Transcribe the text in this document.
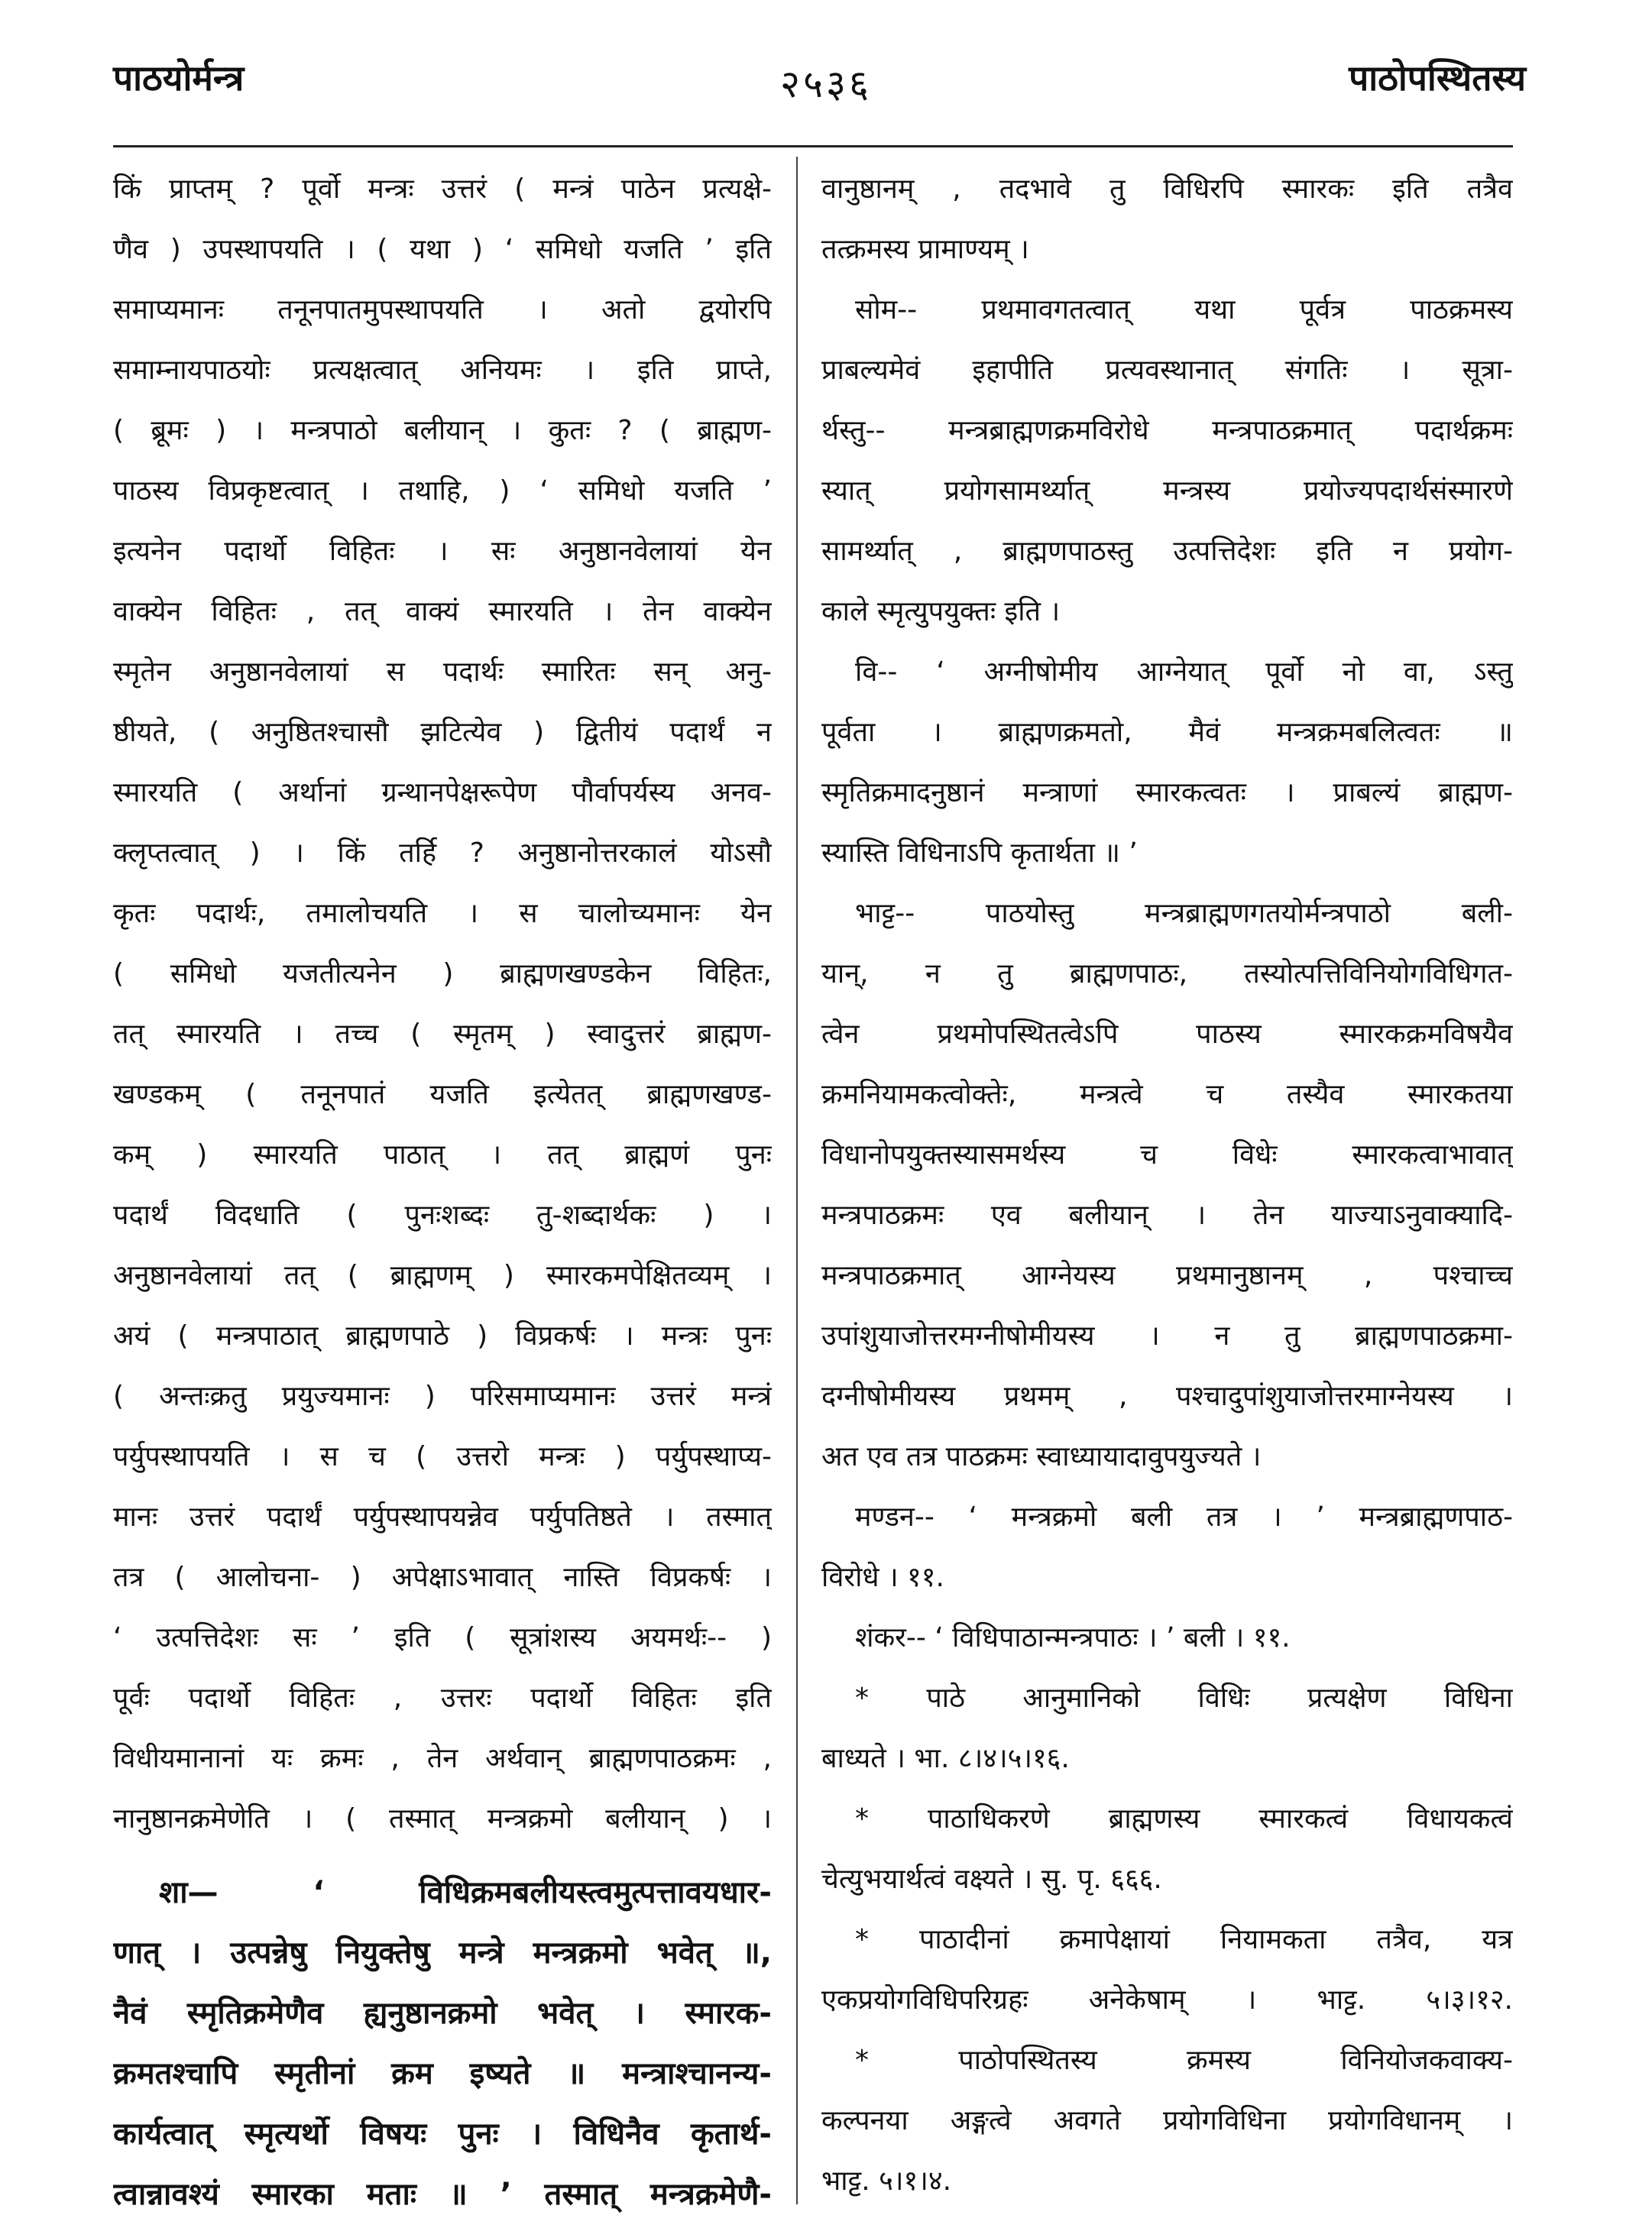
पाठयोर्मन्त्र	२५३६	पाठोपस्थितस्य
किं प्राप्तम् ? पूर्वो मन्त्रः उत्तरं ( मन्त्रं पाठेन प्रत्यक्षे-
णैव ) उपस्थापयति । ( यथा ) ‘ समिधो यजति ’ इति
समाप्यमानः तनूनपातमुपस्थापयति । अतो द्वयोरपि
समाम्नायपाठयोः प्रत्यक्षत्वात् अनियमः । इति प्राप्ते,
( ब्रूमः ) । मन्त्रपाठो बलीयान् । कुतः ? ( ब्राह्मण-
पाठस्य विप्रकृष्टत्वात् । तथाहि, ) ‘ समिधो यजति ’
इत्यनेन पदार्थो विहितः । सः अनुष्ठानवेलायां येन
वाक्येन विहितः , तत् वाक्यं स्मारयति । तेन वाक्येन
स्मृतेन अनुष्ठानवेलायां स पदार्थः स्मारितः सन् अनु-
ष्ठीयते, ( अनुष्ठितश्चासौ झटित्येव ) द्वितीयं पदार्थं न
स्मारयति ( अर्थानां ग्रन्थानपेक्षरूपेण पौर्वापर्यस्य अनव-
क्लृप्तत्वात् ) । किं तर्हि ? अनुष्ठानोत्तरकालं योऽसौ
कृतः पदार्थः, तमालोचयति । स चालोच्यमानः येन
( समिधो यजतीत्यनेन ) ब्राह्मणखण्डकेन विहितः,
तत् स्मारयति । तच्च ( स्मृतम् ) स्वादुत्तरं ब्राह्मण-
खण्डकम् ( तनूनपातं यजति इत्येतत् ब्राह्मणखण्ड-
कम् ) स्मारयति पाठात् । तत् ब्राह्मणं पुनः
पदार्थं विदधाति ( पुनःशब्दः तु-शब्दार्थकः ) ।
अनुष्ठानवेलायां तत् ( ब्राह्मणम् ) स्मारकमपेक्षितव्यम् ।
अयं ( मन्त्रपाठात् ब्राह्मणपाठे ) विप्रकर्षः । मन्त्रः पुनः
( अन्तःक्रतु प्रयुज्यमानः ) परिसमाप्यमानः उत्तरं मन्त्रं
पर्युपस्थापयति । स च ( उत्तरो मन्त्रः ) पर्युपस्थाप्य-
मानः उत्तरं पदार्थं पर्युपस्थापयन्नेव पर्युपतिष्ठते । तस्मात्
तत्र ( आलोचना- ) अपेक्षाऽभावात् नास्ति विप्रकर्षः ।
‘ उत्पत्तिदेशः सः ’ इति ( सूत्रांशस्य अयमर्थः-- )
पूर्वः पदार्थो विहितः , उत्तरः पदार्थो विहितः इति
विधीयमानानां यः क्रमः , तेन अर्थवान् ब्राह्मणपाठक्रमः ,
नानुष्ठानक्रमेणेति । ( तस्मात् मन्त्रक्रमो बलीयान् ) ।
शा— ‘ विधिक्रमबलीयस्त्वमुत्पत्तावयधार-
णात् । उत्पन्नेषु नियुक्तेषु मन्त्रे मन्त्रक्रमो भवेत् ॥,
नैवं स्मृतिक्रमेणैव ह्यनुष्ठानक्रमो भवेत् । स्मारक-
क्रमतश्चापि स्मृतीनां क्रम इष्यते ॥ मन्त्राश्चानन्य-
कार्यत्वात् स्मृत्यर्थो विषयः पुनः । विधिनैव कृतार्थ-
त्वान्नावश्यं स्मारका मताः ॥ ’ तस्मात् मन्त्रक्रमेणै-
वानुष्ठानम् , तदभावे तु विधिरपि स्मारकः इति तत्रैव
तत्क्रमस्य प्रामाण्यम् ।
सोम-- प्रथमावगतत्वात् यथा पूर्वत्र पाठक्रमस्य
प्राबल्यमेवं इहापीति प्रत्यवस्थानात् संगतिः । सूत्रा-
र्थस्तु-- मन्त्रब्राह्मणक्रमविरोधे मन्त्रपाठक्रमात् पदार्थक्रमः
स्यात् प्रयोगसामर्थ्यात् मन्त्रस्य प्रयोज्यपदार्थसंस्मारणे
सामर्थ्यात् , ब्राह्मणपाठस्तु उत्पत्तिदेशः इति न प्रयोग-
काले स्मृत्युपयुक्तः इति ।
वि-- ‘ अग्नीषोमीय आग्नेयात् पूर्वो नो वा, ऽस्तु
पूर्वता । ब्राह्मणक्रमतो, मैवं मन्त्रक्रमबलित्वतः ॥
स्मृतिक्रमादनुष्ठानं मन्त्राणां स्मारकत्वतः । प्राबल्यं ब्राह्मण-
स्यास्ति विधिनाऽपि कृतार्थता ॥ ’
भाट्ट-- पाठयोस्तु मन्त्रब्राह्मणगतयोर्मन्त्रपाठो बली-
यान्, न तु ब्राह्मणपाठः, तस्योत्पत्तिविनियोगविधिगत-
त्वेन प्रथमोपस्थितत्वेऽपि पाठस्य स्मारकक्रमविषयैव
क्रमनियामकत्वोक्तेः, मन्त्रत्वे च तस्यैव स्मारकतया
विधानोपयुक्तस्यासमर्थस्य च विधेः स्मारकत्वाभावात्
मन्त्रपाठक्रमः एव बलीयान् । तेन याज्याऽनुवाक्यादि-
मन्त्रपाठक्रमात् आग्नेयस्य प्रथमानुष्ठानम् , पश्चाच्च
उपांशुयाजोत्तरमग्नीषोमीयस्य । न तु ब्राह्मणपाठक्रमा-
दग्नीषोमीयस्य प्रथमम् , पश्चादुपांशुयाजोत्तरमाग्नेयस्य ।
अत एव तत्र पाठक्रमः स्वाध्यायादावुपयुज्यते ।
मण्डन-- ‘ मन्त्रक्रमो बली तत्र । ’ मन्त्रब्राह्मणपाठ-
विरोधे । ११.
शंकर-- ‘ विधिपाठान्मन्त्रपाठः । ’ बली । ११.
* पाठे आनुमानिको विधिः प्रत्यक्षेण विधिना
बाध्यते । भा. ८।४।५।१६.
* पाठाधिकरणे ब्राह्मणस्य स्मारकत्वं विधायकत्वं
चेत्युभयार्थत्वं वक्ष्यते । सु. पृ. ६६६.
* पाठादीनां क्रमापेक्षायां नियामकता तत्रैव, यत्र
एकप्रयोगविधिपरिग्रहः अनेकेषाम् । भाट्ट. ५।३।१२.
* पाठोपस्थितस्य क्रमस्य विनियोजकवाक्य-
कल्पनया अङ्गत्वे अवगते प्रयोगविधिना प्रयोगविधानम् ।
भाट्ट. ५।१।४.
